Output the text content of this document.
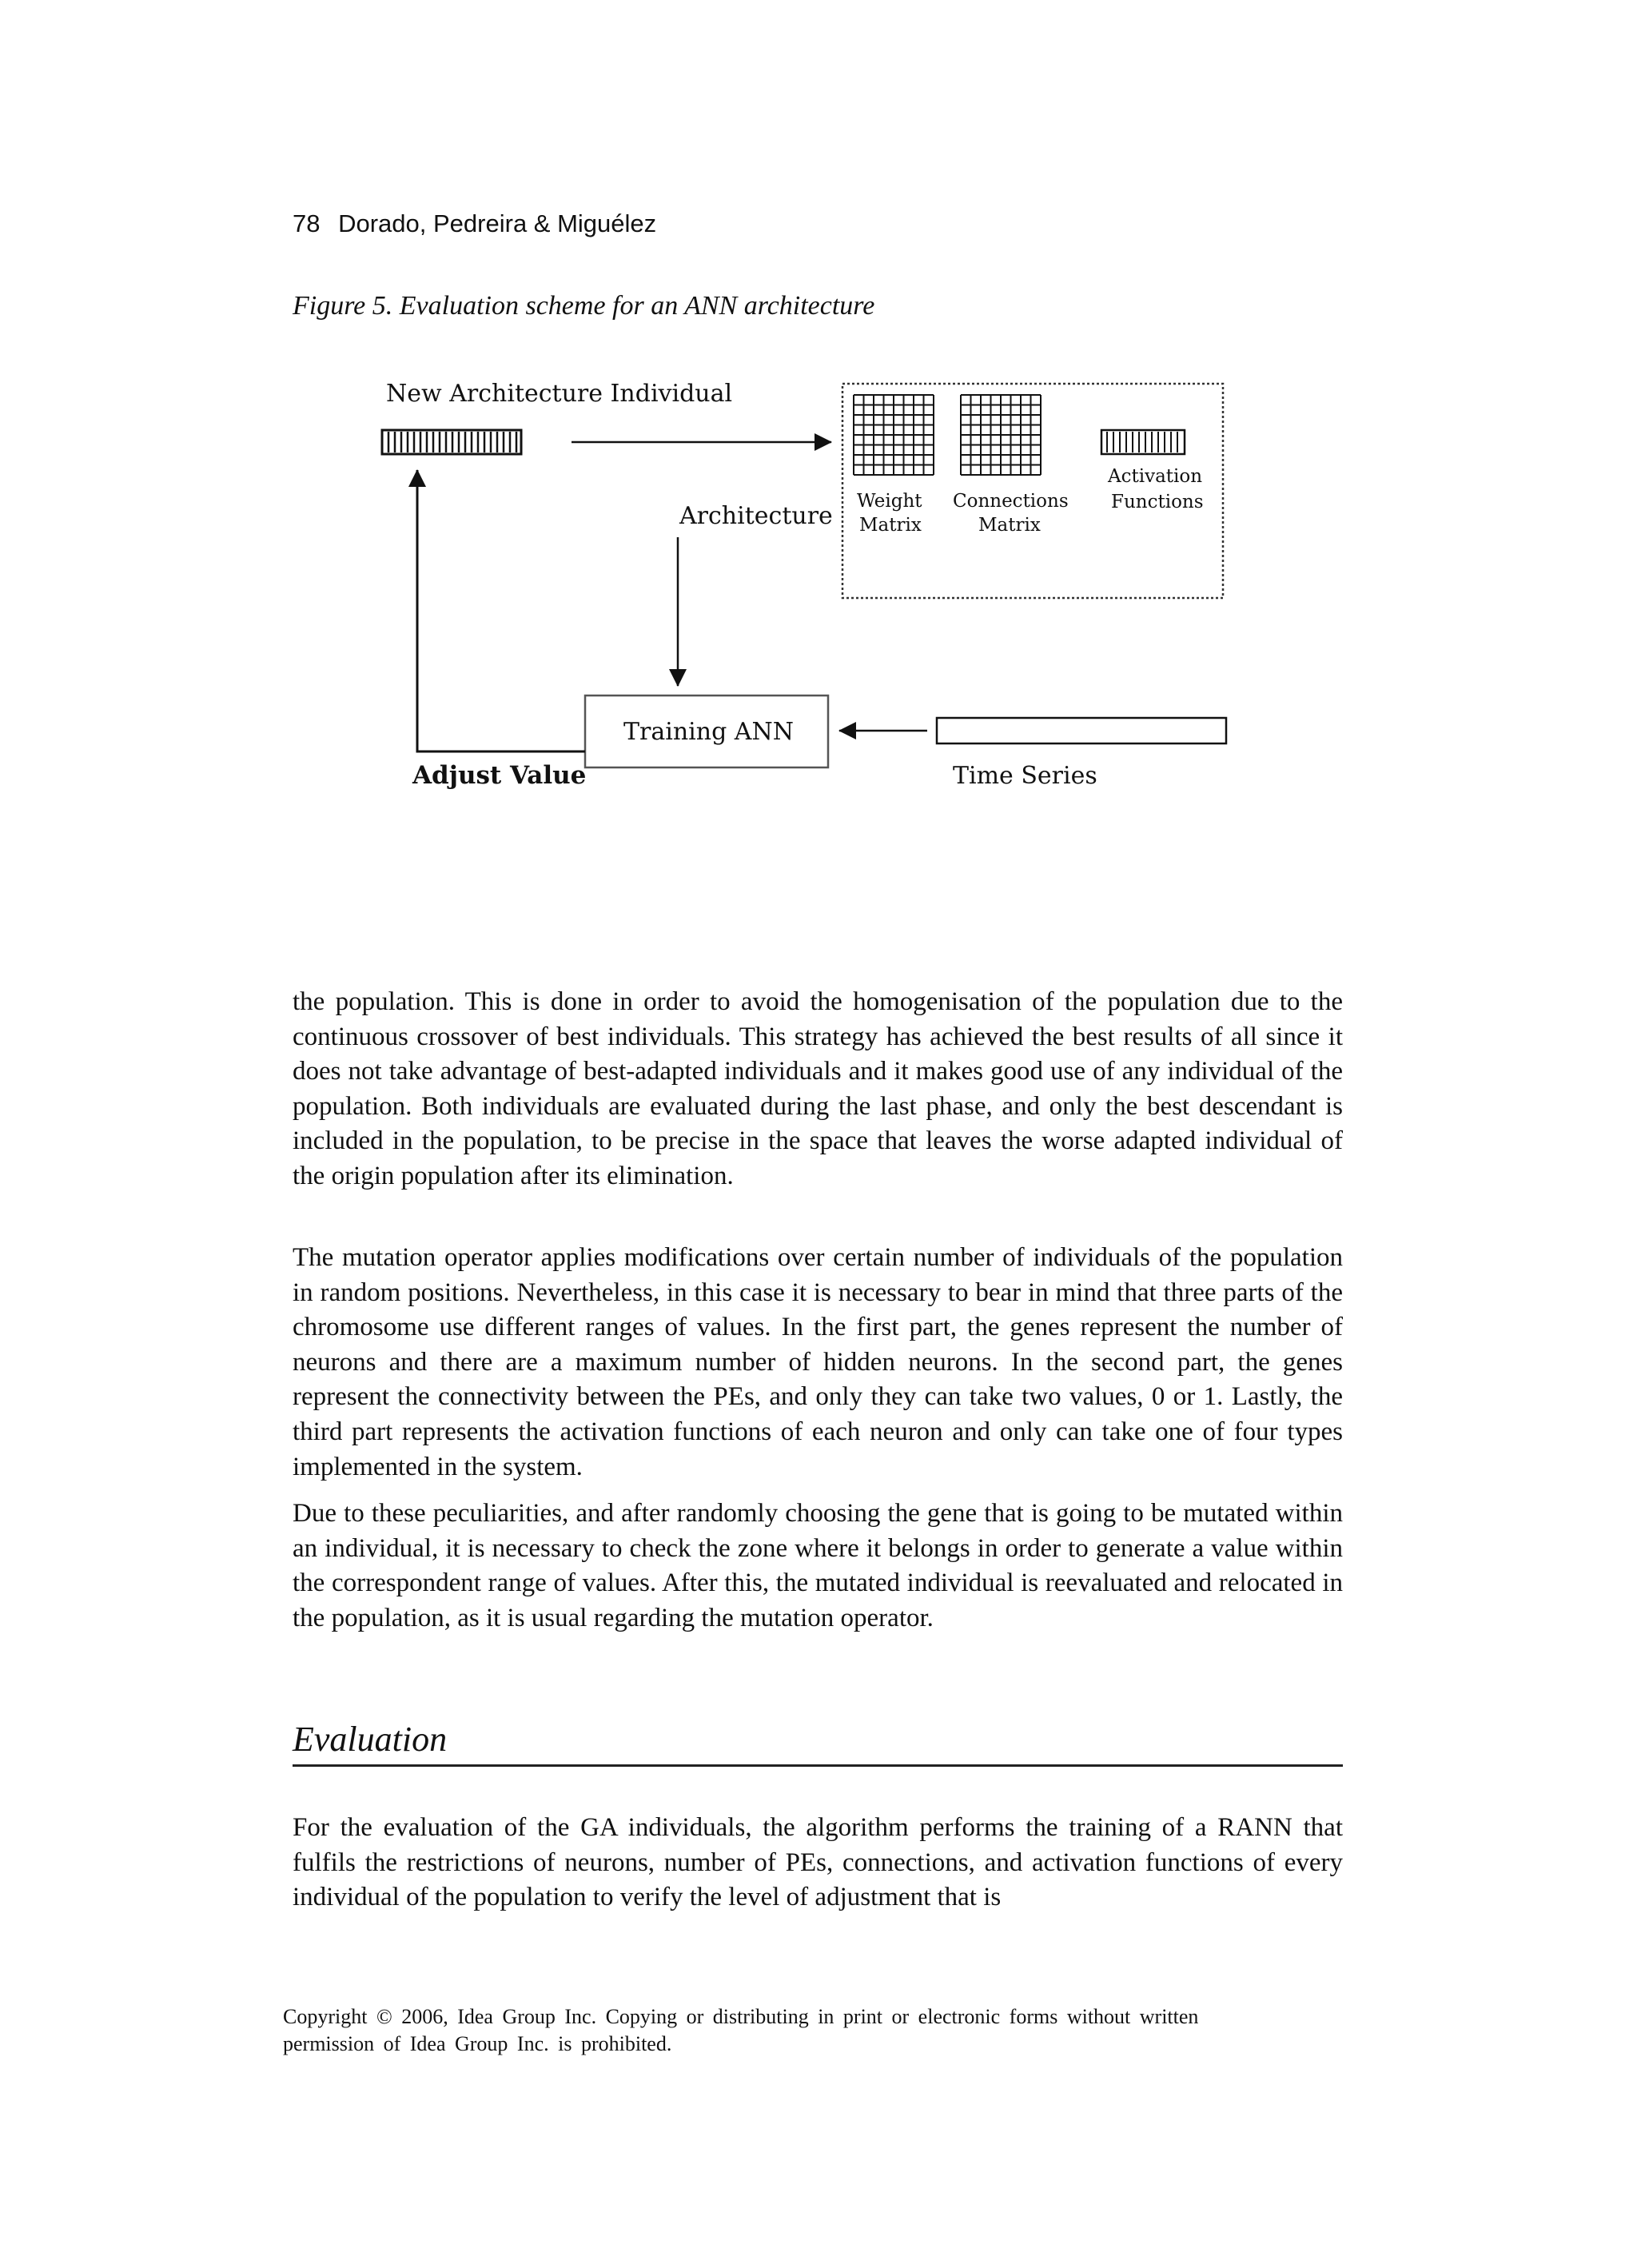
78 Dorado, Pedreira & Miguélez
Figure 5. Evaluation scheme for an ANN architecture
New Architecture Individual
Activation
Functions
Weight
Matrix
Connections
Matrix
Architecture
Training ANN
Time Series
Adjust Value
the population. This is done in order to avoid the homogenisation of the population due to the continuous crossover of best individuals. This strategy has achieved the best results of all since it does not take advantage of best-adapted individuals and it makes good use of any individual of the population. Both individuals are evaluated during the last phase, and only the best descendant is included in the population, to be precise in the space that leaves the worse adapted individual of the origin population after its elimination.
The mutation operator applies modifications over certain number of individuals of the population in random positions. Nevertheless, in this case it is necessary to bear in mind that three parts of the chromosome use different ranges of values. In the first part, the genes represent the number of neurons and there are a maximum number of hidden neurons. In the second part, the genes represent the connectivity between the PEs, and only they can take two values, 0 or 1. Lastly, the third part represents the activation functions of each neuron and only can take one of four types implemented in the system.
Due to these peculiarities, and after randomly choosing the gene that is going to be mutated within an individual, it is necessary to check the zone where it belongs in order to generate a value within the correspondent range of values. After this, the mutated individual is reevaluated and relocated in the population, as it is usual regarding the mutation operator.
Evaluation
For the evaluation of the GA individuals, the algorithm performs the training of a RANN that fulfils the restrictions of neurons, number of PEs, connections, and activation functions of every individual of the population to verify the level of adjustment that is
Copyright © 2006, Idea Group Inc. Copying or distributing in print or electronic forms without written
permission of Idea Group Inc. is prohibited.
